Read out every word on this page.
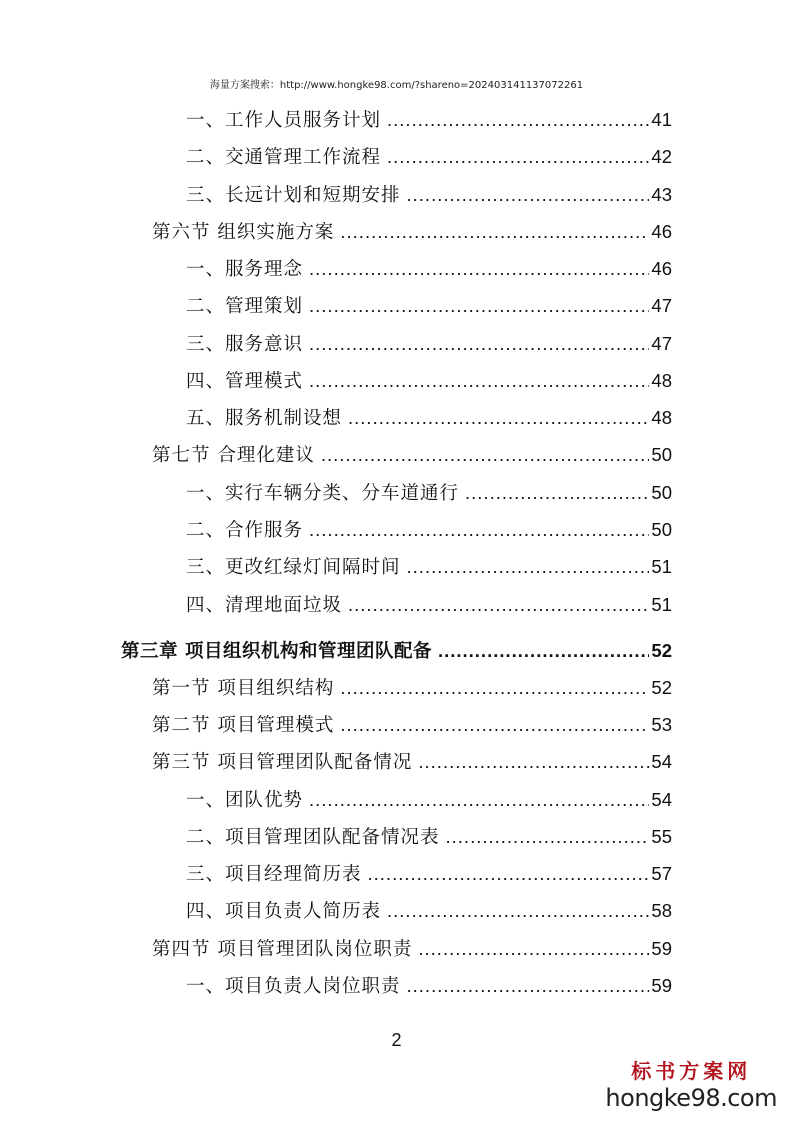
海量方案搜索：http://www.hongke98.com/?shareno=202403141137072261
2
标书方案网
hongke98.com
一、工作人员服务计划 .....	41
二、交通管理工作流程 .....	42
三、长远计划和短期安排 .....	43
第六节 组织实施方案 .....	46
一、服务理念 .....	46
二、管理策划 .....	47
三、服务意识 .....	47
四、管理模式 .....	48
五、服务机制设想 .....	48
第七节 合理化建议 .....	50
一、实行车辆分类、分车道通行 .....	50
二、合作服务 .....	50
三、更改红绿灯间隔时间 .....	51
四、清理地面垃圾 .....	51
第三章 项目组织机构和管理团队配备 .....	52
第一节 项目组织结构 .....	52
第二节 项目管理模式 .....	53
第三节 项目管理团队配备情况 .....	54
一、团队优势 .....	54
二、项目管理团队配备情况表 .....	55
三、项目经理简历表 .....	57
四、项目负责人简历表 .....	58
第四节 项目管理团队岗位职责 .....	59
一、项目负责人岗位职责 .....	59
